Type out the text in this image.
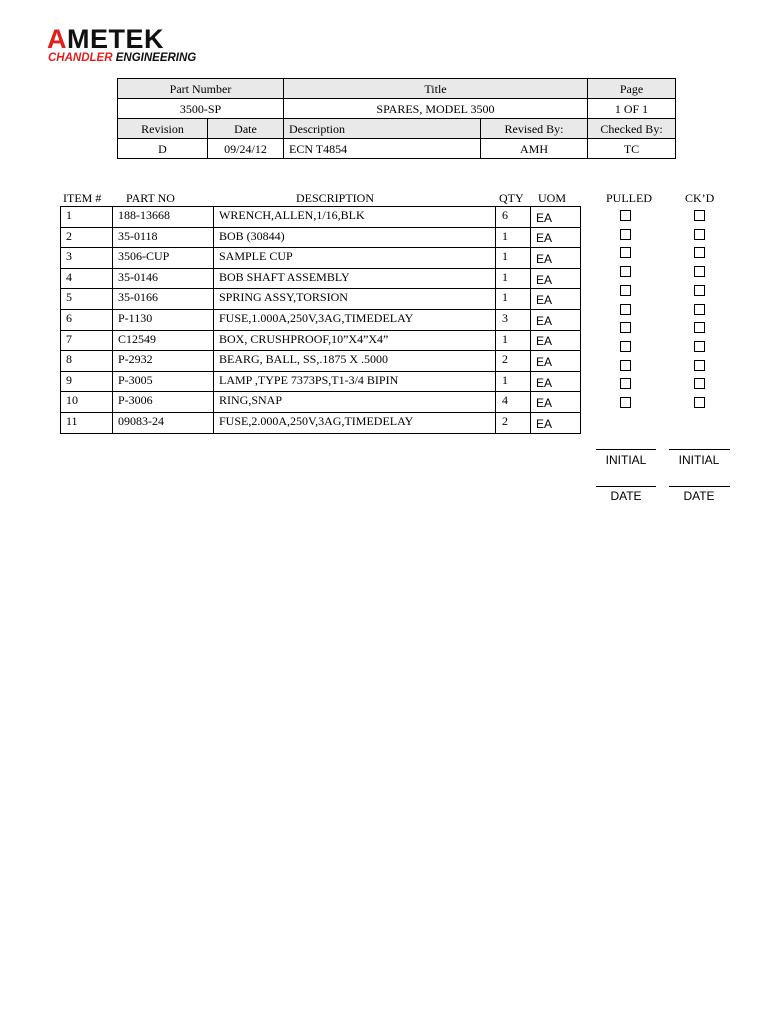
AMETEK
CHANDLER ENGINEERING
Part Number		Title		Page
3500-SP		SPARES, MODEL 3500		1 OF 1
Revision	Date	Description	Revised By:	Checked By:
D	09/24/12	ECN T4854	AMH	TC
ITEM # PART NO	DESCRIPTION	QTY UOM	PULLED	CK’D
1	188-13668	WRENCH,ALLEN,1/16,BLK	6	EA
2	35-0118	BOB (30844)	1	EA
3	3506-CUP	SAMPLE CUP	1	EA
4	35-0146	BOB SHAFT ASSEMBLY	1	EA
5	35-0166	SPRING ASSY,TORSION	1	EA
6	P-1130	FUSE,1.000A,250V,3AG,TIMEDELAY	3	EA
7	C12549	BOX, CRUSHPROOF,10”X4”X4”	1	EA
8	P-2932	BEARG, BALL, SS,.1875 X .5000	2	EA
9	P-3005	LAMP ,TYPE 7373PS,T1-3/4 BIPIN	1	EA
10	P-3006	RING,SNAP	4	EA
11	09083-24	FUSE,2.000A,250V,3AG,TIMEDELAY	2	EA
INITIAL	INITIAL
DATE	DATE
